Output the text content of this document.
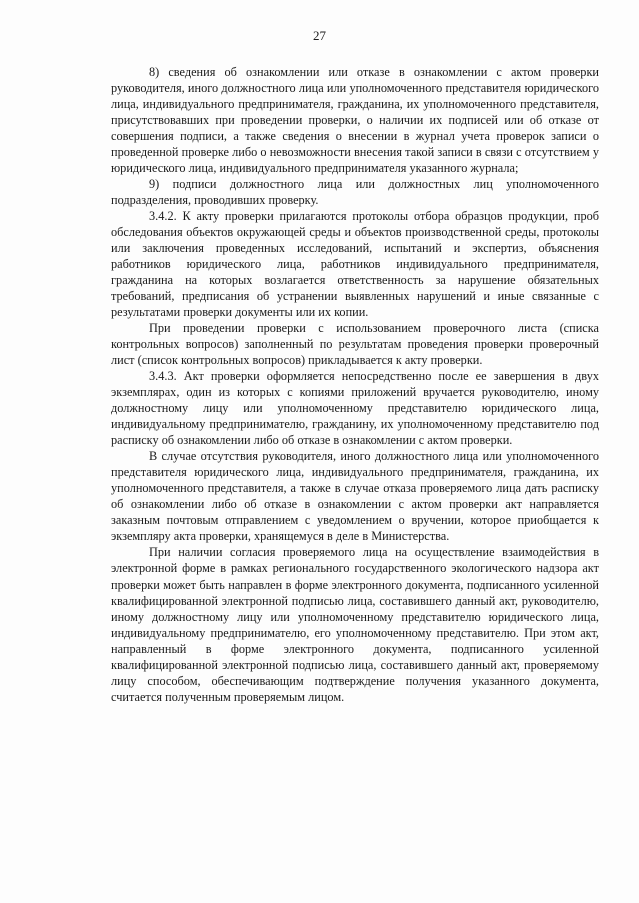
27

8) сведения об ознакомлении или отказе в ознакомлении с актом проверки руководителя, иного должностного лица или уполномоченного представителя юридического лица, индивидуального предпринимателя, гражданина, их уполномоченного представителя, присутствовавших при проведении проверки, о наличии их подписей или об отказе от совершения подписи, а также сведения о внесении в журнал учета проверок записи о проведенной проверке либо о невозможности внесения такой записи в связи с отсутствием у юридического лица, индивидуального предпринимателя указанного журнала;

9) подписи должностного лица или должностных лиц уполномоченного подразделения, проводивших проверку.

3.4.2. К акту проверки прилагаются протоколы отбора образцов продукции, проб обследования объектов окружающей среды и объектов производственной среды, протоколы или заключения проведенных исследований, испытаний и экспертиз, объяснения работников юридического лица, работников индивидуального предпринимателя, гражданина на которых возлагается ответственность за нарушение обязательных требований, предписания об устранении выявленных нарушений и иные связанные с результатами проверки документы или их копии.

При проведении проверки с использованием проверочного листа (списка контрольных вопросов) заполненный по результатам проведения проверки проверочный лист (список контрольных вопросов) прикладывается к акту проверки.

3.4.3. Акт проверки оформляется непосредственно после ее завершения в двух экземплярах, один из которых с копиями приложений вручается руководителю, иному должностному лицу или уполномоченному представителю юридического лица, индивидуальному предпринимателю, гражданину, их уполномоченному представителю под расписку об ознакомлении либо об отказе в ознакомлении с актом проверки.

В случае отсутствия руководителя, иного должностного лица или уполномоченного представителя юридического лица, индивидуального предпринимателя, гражданина, их уполномоченного представителя, а также в случае отказа проверяемого лица дать расписку об ознакомлении либо об отказе в ознакомлении с актом проверки акт направляется заказным почтовым отправлением с уведомлением о вручении, которое приобщается к экземпляру акта проверки, хранящемуся в деле в Министерства.

При наличии согласия проверяемого лица на осуществление взаимодействия в электронной форме в рамках регионального государственного экологического надзора акт проверки может быть направлен в форме электронного документа, подписанного усиленной квалифицированной электронной подписью лица, составившего данный акт, руководителю, иному должностному лицу или уполномоченному представителю юридического лица, индивидуальному предпринимателю, его уполномоченному представителю. При этом акт, направленный в форме электронного документа, подписанного усиленной квалифицированной электронной подписью лица, составившего данный акт, проверяемому лицу способом, обеспечивающим подтверждение получения указанного документа, считается полученным проверяемым лицом.
